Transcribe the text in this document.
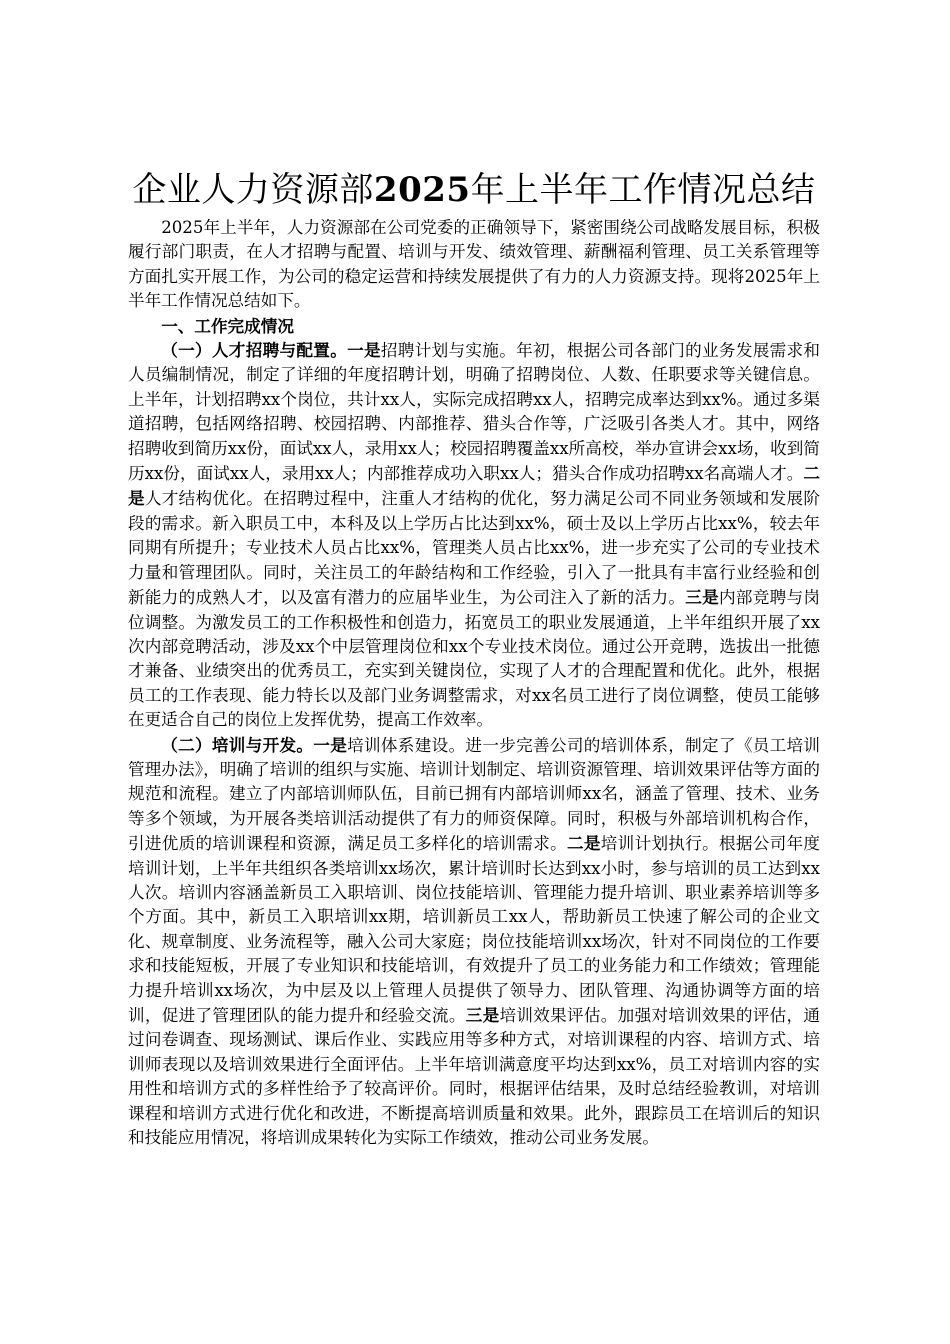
企业人力资源部2025年上半年工作情况总结

2025年上半年，人力资源部在公司党委的正确领导下，紧密围绕公司战略发展目标，积极履行部门职责，在人才招聘与配置、培训与开发、绩效管理、薪酬福利管理、员工关系管理等方面扎实开展工作，为公司的稳定运营和持续发展提供了有力的人力资源支持。现将2025年上半年工作情况总结如下。

一、工作完成情况

（一）人才招聘与配置。一是招聘计划与实施。年初，根据公司各部门的业务发展需求和人员编制情况，制定了详细的年度招聘计划，明确了招聘岗位、人数、任职要求等关键信息。上半年，计划招聘xx个岗位，共计xx人，实际完成招聘xx人，招聘完成率达到xx%。通过多渠道招聘，包括网络招聘、校园招聘、内部推荐、猎头合作等，广泛吸引各类人才。其中，网络招聘收到简历xx份，面试xx人，录用xx人；校园招聘覆盖xx所高校，举办宣讲会xx场，收到简历xx份，面试xx人，录用xx人；内部推荐成功入职xx人；猎头合作成功招聘xx名高端人才。二是人才结构优化。在招聘过程中，注重人才结构的优化，努力满足公司不同业务领域和发展阶段的需求。新入职员工中，本科及以上学历占比达到xx%，硕士及以上学历占比xx%，较去年同期有所提升；专业技术人员占比xx%，管理类人员占比xx%，进一步充实了公司的专业技术力量和管理团队。同时，关注员工的年龄结构和工作经验，引入了一批具有丰富行业经验和创新能力的成熟人才，以及富有潜力的应届毕业生，为公司注入了新的活力。三是内部竞聘与岗位调整。为激发员工的工作积极性和创造力，拓宽员工的职业发展通道，上半年组织开展了xx次内部竞聘活动，涉及xx个中层管理岗位和xx个专业技术岗位。通过公开竞聘，选拔出一批德才兼备、业绩突出的优秀员工，充实到关键岗位，实现了人才的合理配置和优化。此外，根据员工的工作表现、能力特长以及部门业务调整需求，对xx名员工进行了岗位调整，使员工能够在更适合自己的岗位上发挥优势，提高工作效率。

（二）培训与开发。一是培训体系建设。进一步完善公司的培训体系，制定了《员工培训管理办法》，明确了培训的组织与实施、培训计划制定、培训资源管理、培训效果评估等方面的规范和流程。建立了内部培训师队伍，目前已拥有内部培训师xx名，涵盖了管理、技术、业务等多个领域，为开展各类培训活动提供了有力的师资保障。同时，积极与外部培训机构合作，引进优质的培训课程和资源，满足员工多样化的培训需求。二是培训计划执行。根据公司年度培训计划，上半年共组织各类培训xx场次，累计培训时长达到xx小时，参与培训的员工达到xx人次。培训内容涵盖新员工入职培训、岗位技能培训、管理能力提升培训、职业素养培训等多个方面。其中，新员工入职培训xx期，培训新员工xx人，帮助新员工快速了解公司的企业文化、规章制度、业务流程等，融入公司大家庭；岗位技能培训xx场次，针对不同岗位的工作要求和技能短板，开展了专业知识和技能培训，有效提升了员工的业务能力和工作绩效；管理能力提升培训xx场次，为中层及以上管理人员提供了领导力、团队管理、沟通协调等方面的培训，促进了管理团队的能力提升和经验交流。三是培训效果评估。加强对培训效果的评估，通过问卷调查、现场测试、课后作业、实践应用等多种方式，对培训课程的内容、培训方式、培训师表现以及培训效果进行全面评估。上半年培训满意度平均达到xx%，员工对培训内容的实用性和培训方式的多样性给予了较高评价。同时，根据评估结果，及时总结经验教训，对培训课程和培训方式进行优化和改进，不断提高培训质量和效果。此外，跟踪员工在培训后的知识和技能应用情况，将培训成果转化为实际工作绩效，推动公司业务发展。
